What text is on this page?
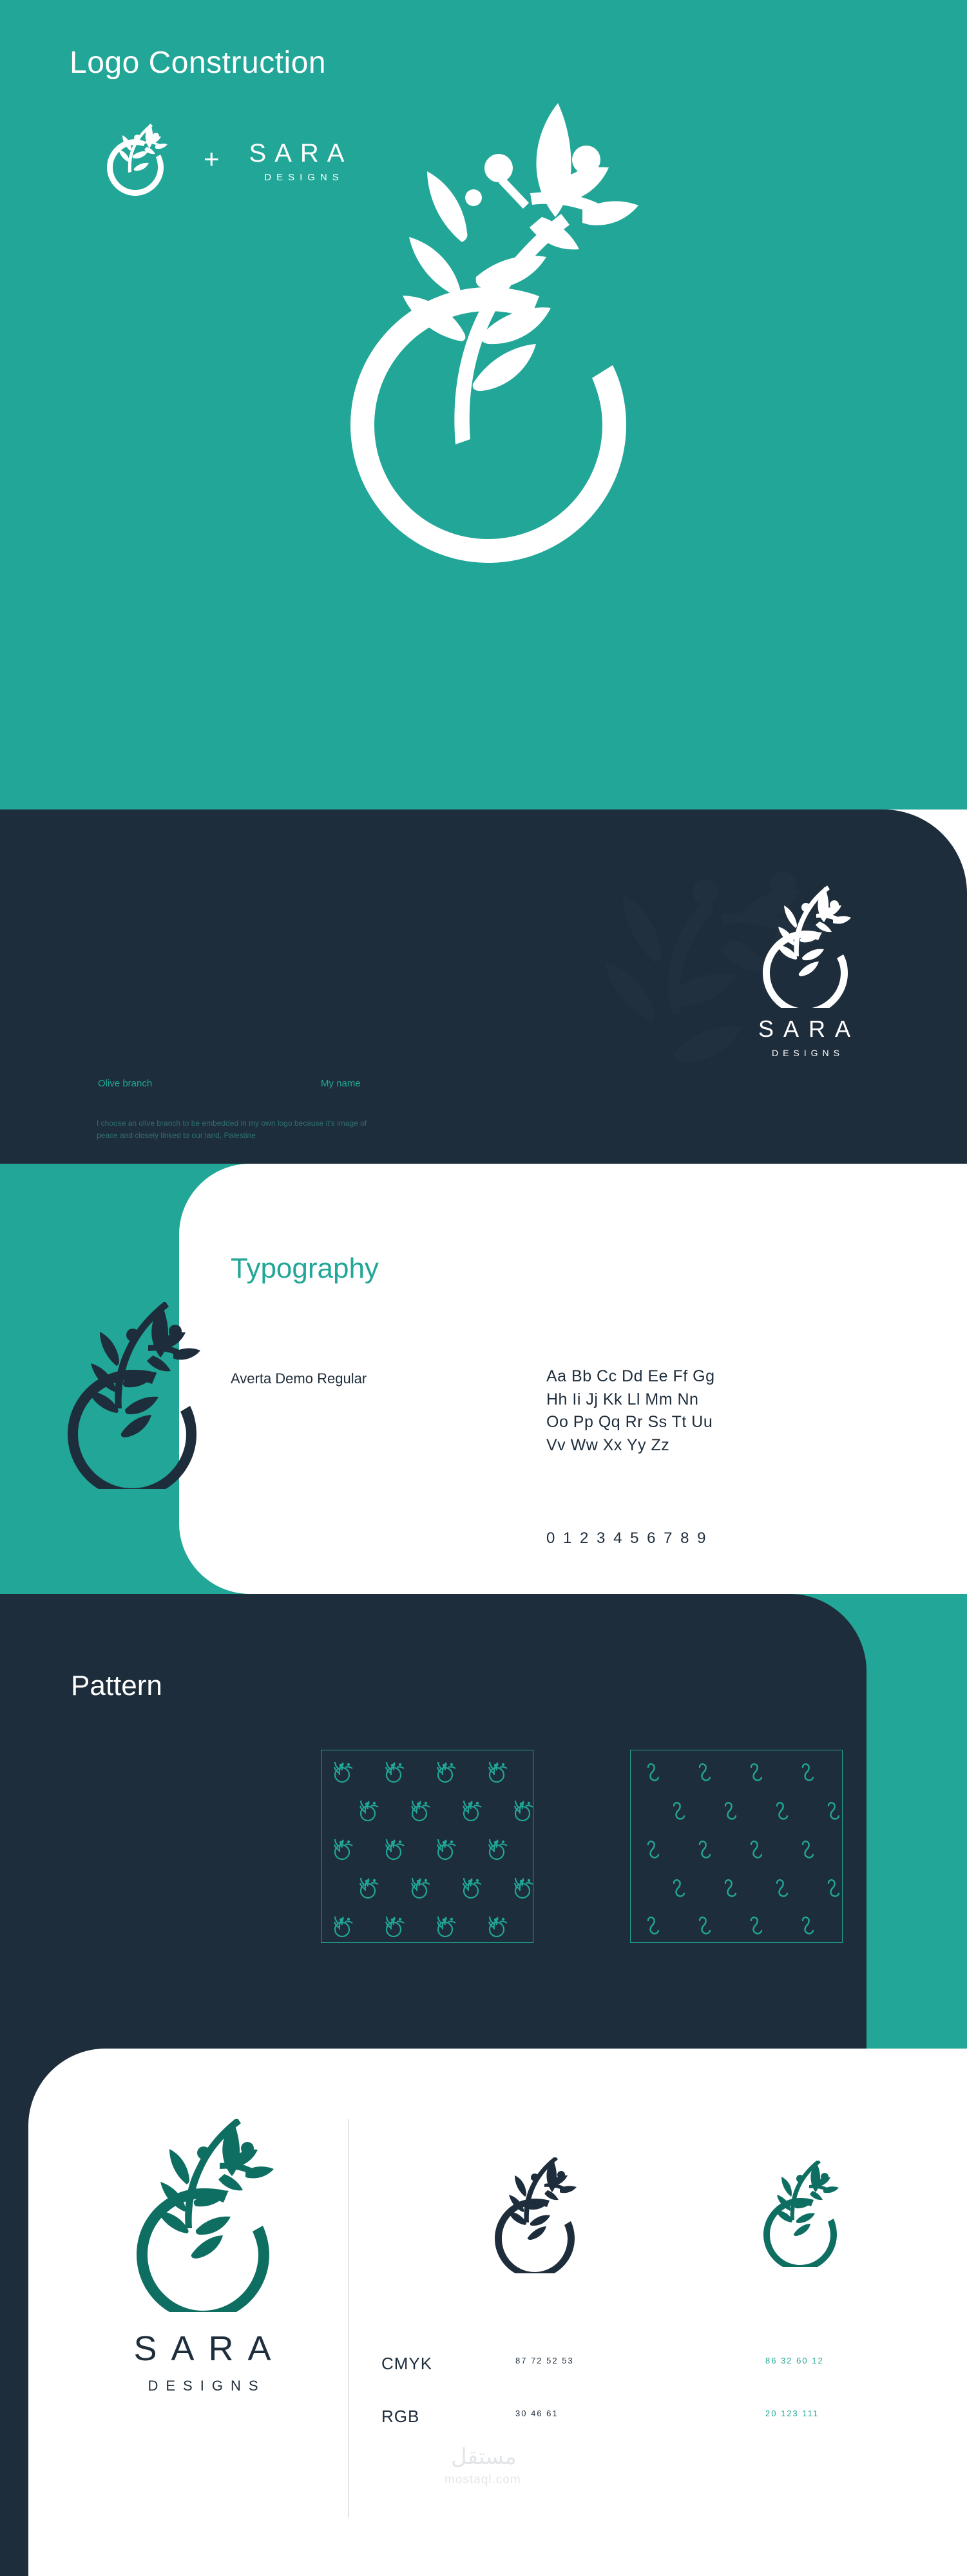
Logo Construction
+ SARA
DESIGNS
Olive branch	My name
I choose an olive branch to be embedded in my own logo because it's image of peace and closely linked to our land, Palestine
SARA
DESIGNS
Typography
Averta Demo Regular	Aa Bb Cc Dd Ee Ff Gg
Hh Ii Jj Kk Ll Mm Nn
Oo Pp Qq Rr Ss Tt Uu
Vv Ww Xx Yy Zz
0 1 2 3 4 5 6 7 8 9
Pattern
SARA
DESIGNS
CMYK
RGB
87 72 52 53
30 46 61
86 32 60 12
20 123 111
مستقل
mostaql.com
